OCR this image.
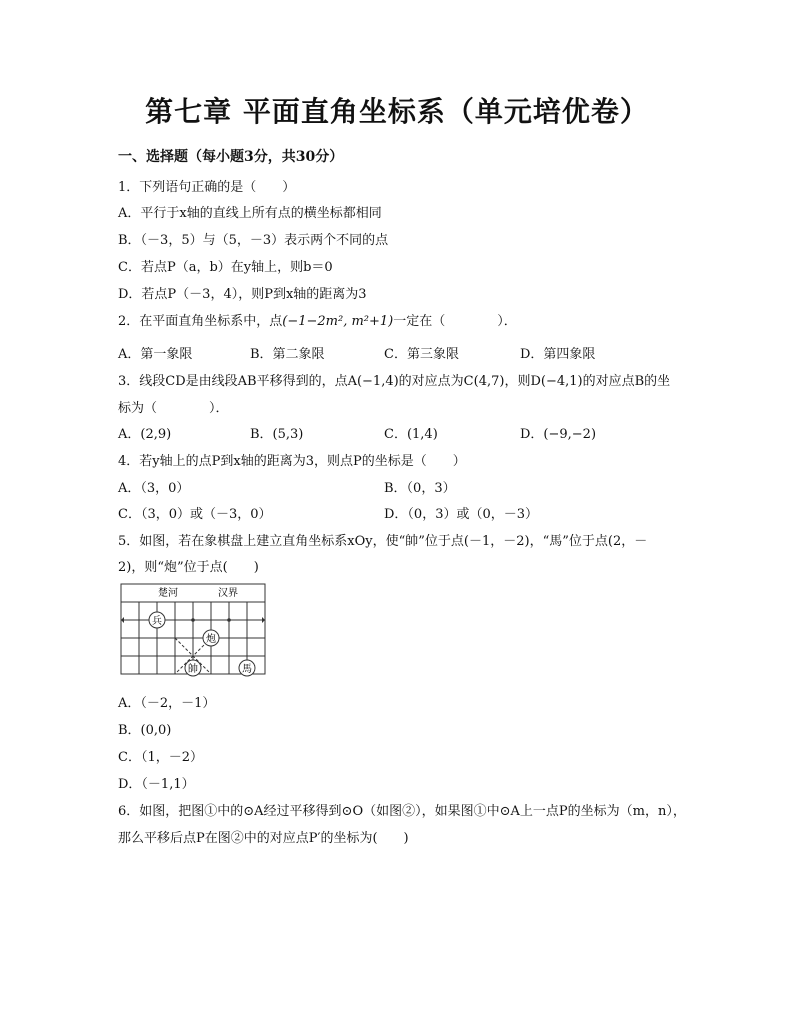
第七章 平面直角坐标系（单元培优卷）
一、选择题（每小题3分，共30分）
1．下列语句正确的是（　　）
A．平行于x轴的直线上所有点的横坐标都相同
B．（－3，5）与（5，－3）表示两个不同的点
C．若点P（a，b）在y轴上，则b＝0
D．若点P（－3，4），则P到x轴的距离为3
2．在平面直角坐标系中，点(−1−2m², m²+1)一定在（　　　　）．
A．第一象限	B．第二象限	C．第三象限	D．第四象限
3．线段CD是由线段AB平移得到的，点A(−1,4)的对应点为C(4,7)，则D(−4,1)的对应点B的坐
标为（　　　　）．
A．(2,9)	B．(5,3)	C．(1,4)	D．(−9,−2)
4．若y轴上的点P到x轴的距离为3，则点P的坐标是（　　）
A．（3，0）	B．（0，3）
C．（3，0）或（－3，0）	D．（0，3）或（0，－3）
5．如图，若在象棋盘上建立直角坐标系xOy，使“帥”位于点(－1，－2)，“馬”位于点(2，－
2)，则“炮”位于点(　　)
楚河	汉界
兵
炮
帥	馬
A．（－2，－1）
B．(0,0)
C．（1，－2）
D．（－1,1）
6．如图，把图①中的⊙A经过平移得到⊙O（如图②），如果图①中⊙A上一点P的坐标为（m，n），
那么平移后点P在图②中的对应点P′的坐标为(　　)
